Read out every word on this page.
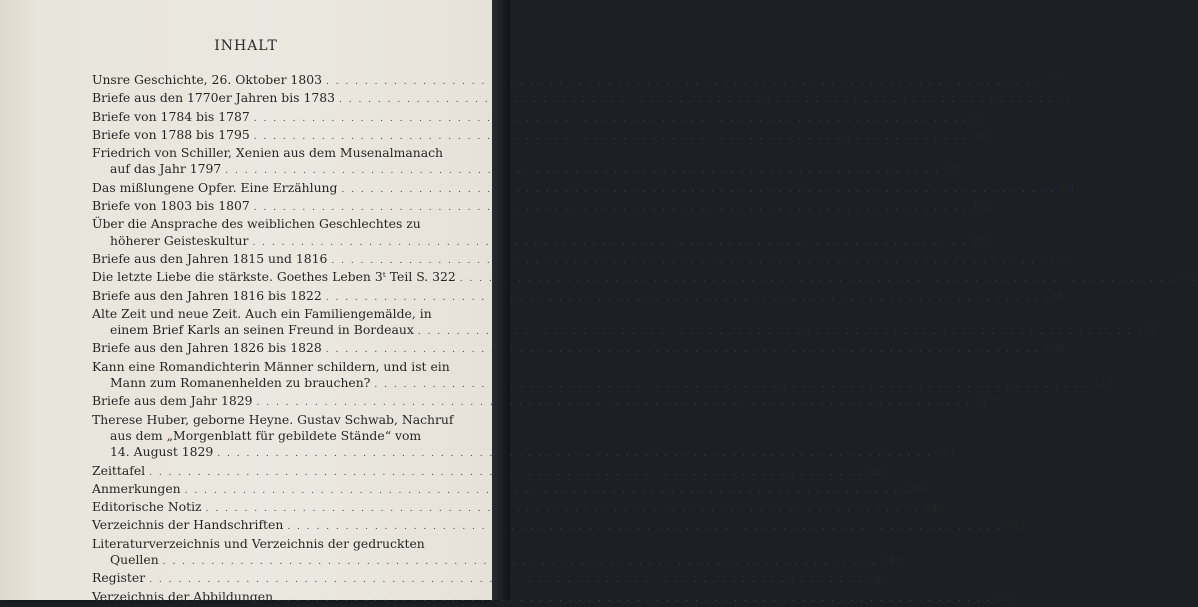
INHALT
Unsre Geschichte, 26. Oktober 1803 . . .	7
Briefe aus den 1770er Jahren bis 1783 . . .	12
Briefe von 1784 bis 1787 . . .	22
Briefe von 1788 bis 1795 . . .	46
Friedrich von Schiller, Xenien aus dem Musenalmanach
auf das Jahr 1797 . . .	82
Das mißlungene Opfer. Eine Erzählung . . .	83
Briefe von 1803 bis 1807 . . .	122
Über die Ansprache des weiblichen Geschlechtes zu
höherer Geisteskultur . . .	150
Briefe aus den Jahren 1815 und 1816 . . .	155
Die letzte Liebe die stärkste. Goethes Leben 3ᵗ Teil S. 322 . . .	162
Briefe aus den Jahren 1816 bis 1822 . . .	166
Alte Zeit und neue Zeit. Auch ein Familiengemälde, in
einem Brief Karls an seinen Freund in Bordeaux . . .	182
Briefe aus den Jahren 1826 bis 1828 . . .	205
Kann eine Romandichterin Männer schildern, und ist ein
Mann zum Romanenhelden zu brauchen? . . .	213
Briefe aus dem Jahr 1829 . . .	217
Therese Huber, geborne Heyne. Gustav Schwab, Nachruf
aus dem „Morgenblatt für gebildete Stände“ vom
14. August 1829 . . .	221
Zeittafel . . .	228
Anmerkungen . . .	230
Editorische Notiz . . .	240
Verzeichnis der Handschriften . . .	241
Literaturverzeichnis und Verzeichnis der gedruckten
Quellen . . .	242
Register . . .	246
Verzeichnis der Abbildungen . . .	255
